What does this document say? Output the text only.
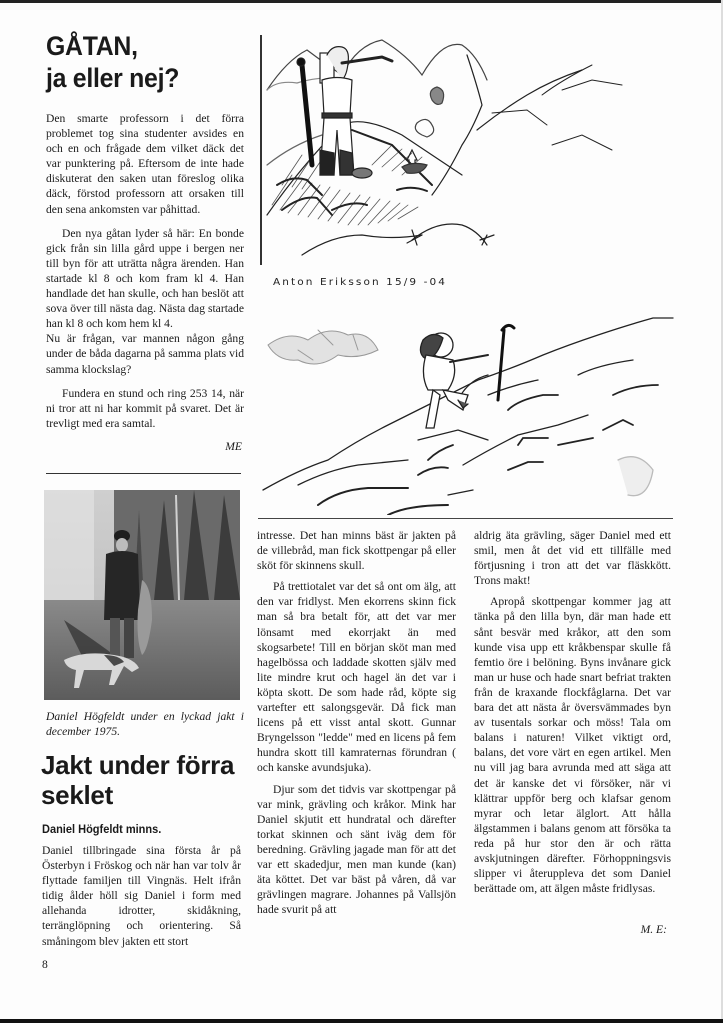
GÅTAN,
ja eller nej?

Den smarte professorn i det förra problemet tog sina studenter avsides en och en och frågade dem vilket däck det var punktering på. Eftersom de inte hade diskuterat den saken utan föreslog olika däck, förstod professorn att orsaken till den sena ankomsten var påhittad.

Den nya gåtan lyder så här: En bonde gick från sin lilla gård uppe i bergen ner till byn för att uträtta några ärenden. Han startade kl 8 och kom fram kl 4. Han handlade det han skulle, och han beslöt att sova över till nästa dag. Nästa dag startade han kl 8 och kom hem kl 4.

Nu är frågan, var mannen någon gång under de båda dagarna på samma plats vid samma klockslag?

Fundera en stund och ring 253 14, när ni tror att ni har kommit på svaret. Det är trevligt med era samtal.

ME
Daniel Högfeldt under en lyckad jakt i december 1975.
Jakt under förra seklet
Daniel Högfeldt minns.

Daniel tillbringade sina första år på Österbyn i Fröskog och när han var tolv år flyttade familjen till Vingnäs. Helt ifrån tidig ålder höll sig Daniel i form med allehanda idrotter, skidåkning, terränglöpning och orientering. Så småningom blev jakten ett stort

8

intresse. Det han minns bäst är jakten på de villebråd, man fick skottpengar på eller sköt för skinnens skull.

På trettiotalet var det så ont om älg, att den var fridlyst. Men ekorrens skinn fick man så bra betalt för, att det var mer lönsamt med ekorrjakt än med skogsarbete! Till en början sköt man med hagelbössa och laddade skotten själv med lite mindre krut och hagel än det var i köpta skott. De som hade råd, köpte sig vartefter ett salongsgevär. Då fick man licens på ett visst antal skott. Gunnar Bryngelsson "ledde" med en licens på fem hundra skott till kamraternas förundran ( och kanske avundsjuka).

Djur som det tidvis var skottpengar på var mink, grävling och kråkor. Mink har Daniel skjutit ett hundratal och därefter torkat skinnen och sänt iväg dem för beredning. Grävling jagade man för att det var ett skadedjur, men man kunde (kan) äta köttet. Det var bäst på våren, då var grävlingen magrare. Johannes på Vallsjön hade svurit på att

aldrig äta grävling, säger Daniel med ett smil, men åt det vid ett tillfälle med förtjusning i tron att det var fläskkött. Trons makt!

Apropå skottpengar kommer jag att tänka på den lilla byn, där man hade ett sånt besvär med kråkor, att den som kunde visa upp ett kråkbenspar skulle få femtio öre i belöning. Byns invånare gick man ur huse och hade snart befriat trakten från de kraxande flockfåglarna. Det var bara det att nästa år översvämmades byn av tusentals sorkar och möss! Tala om balans i naturen! Vilket viktigt ord, balans, det vore värt en egen artikel. Men nu vill jag bara avrunda med att säga att det är kanske det vi försöker, när vi klättrar uppför berg och klafsar genom myrar och letar älglort. Att hålla älgstammen i balans genom att försöka ta reda på hur stor den är och rätta avskjutningen därefter. Förhoppningsvis slipper vi återuppleva det som Daniel berättade om, att älgen måste fridlysas.

M. E:
Anton Eriksson 15/9 -04
